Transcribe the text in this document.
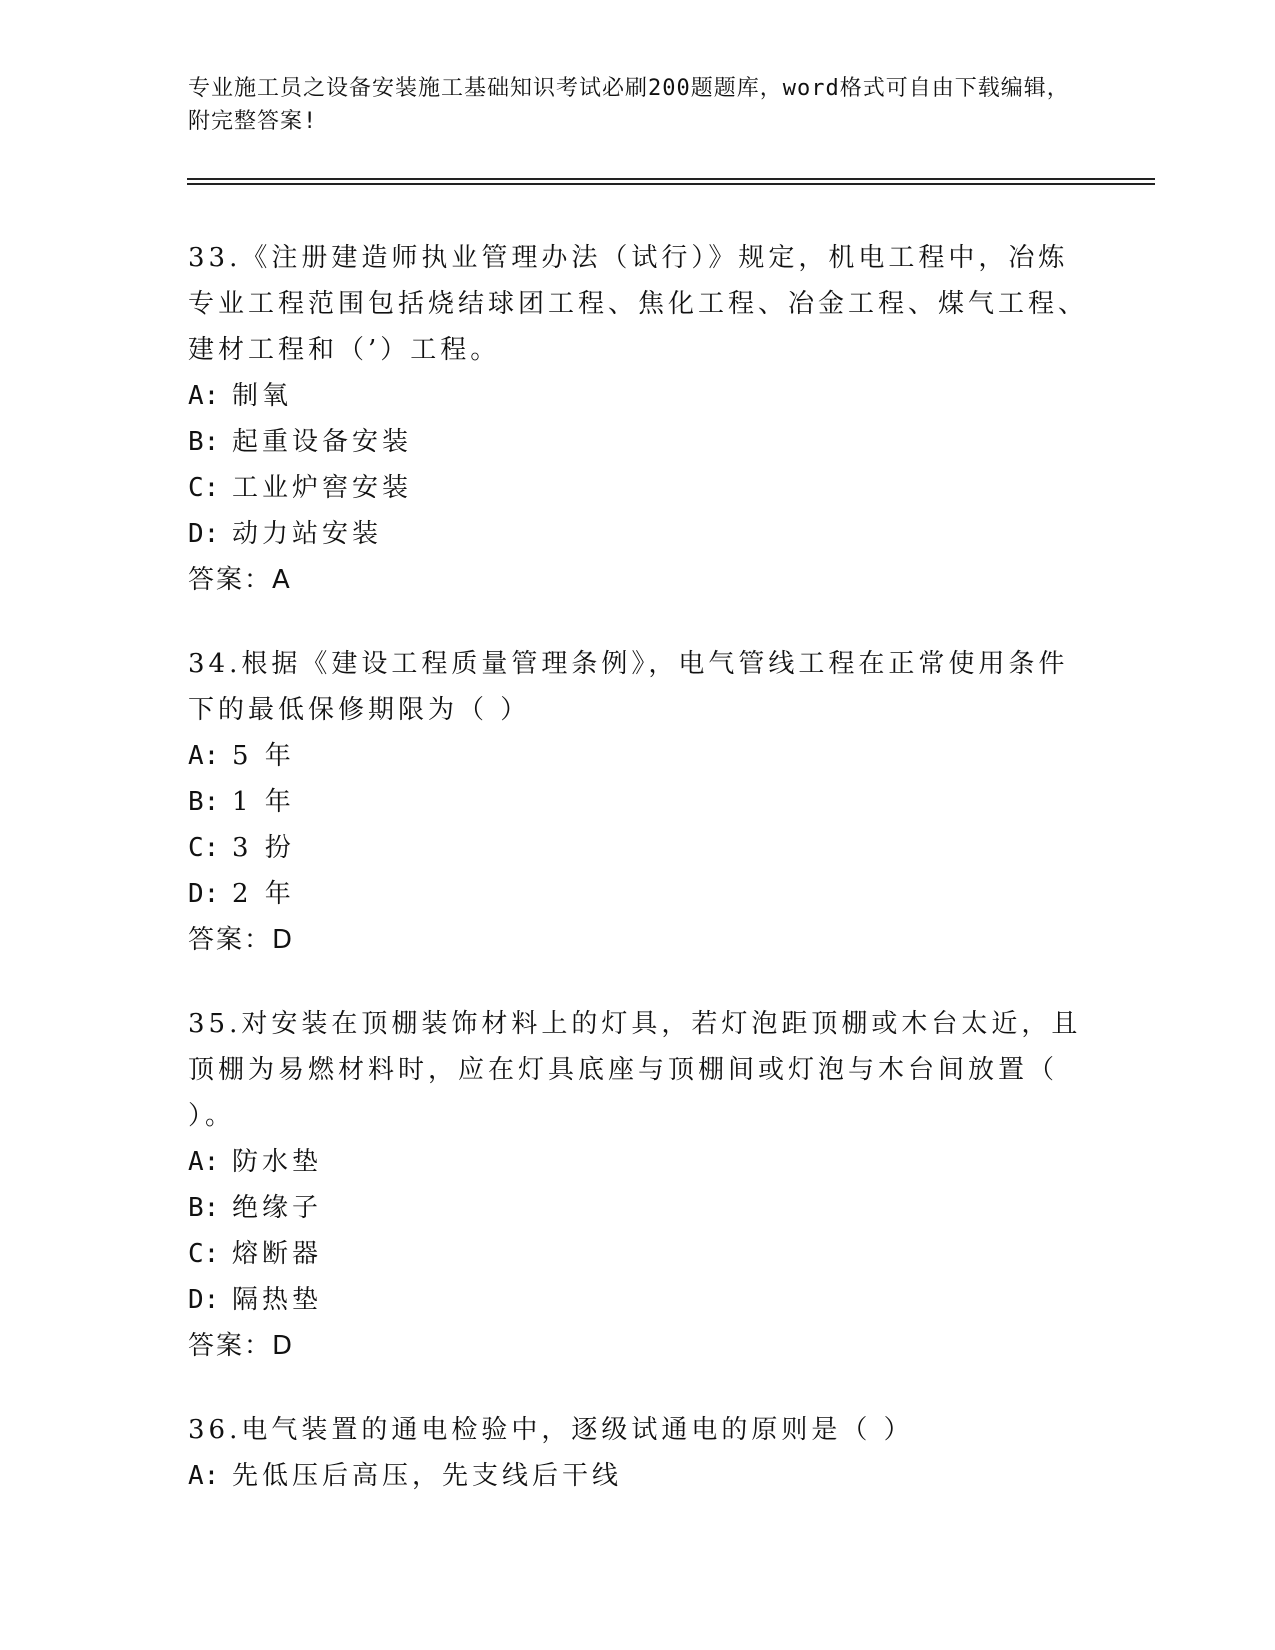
专业施工员之设备安装施工基础知识考试必刷200题题库，word格式可自由下载编辑，附完整答案!
33.《注册建造师执业管理办法（试行）》规定，机电工程中，冶炼专业工程范围包括烧结球团工程、焦化工程、冶金工程、煤气工程、建材工程和（’）工程。
A: 制氧
B: 起重设备安装
C: 工业炉窖安装
D: 动力站安装
答案：A
34.根据《建设工程质量管理条例》，电气管线工程在正常使用条件下的最低保修期限为（ ）
A: 5 年
B: 1 年
C: 3 扮
D: 2 年
答案：D
35.对安装在顶棚装饰材料上的灯具，若灯泡距顶棚或木台太近，且顶棚为易燃材料时，应在灯具底座与顶棚间或灯泡与木台间放置（ ）。
A: 防水垫
B: 绝缘子
C: 熔断器
D: 隔热垫
答案：D
36.电气装置的通电检验中，逐级试通电的原则是（ ）
A: 先低压后高压，先支线后干线
